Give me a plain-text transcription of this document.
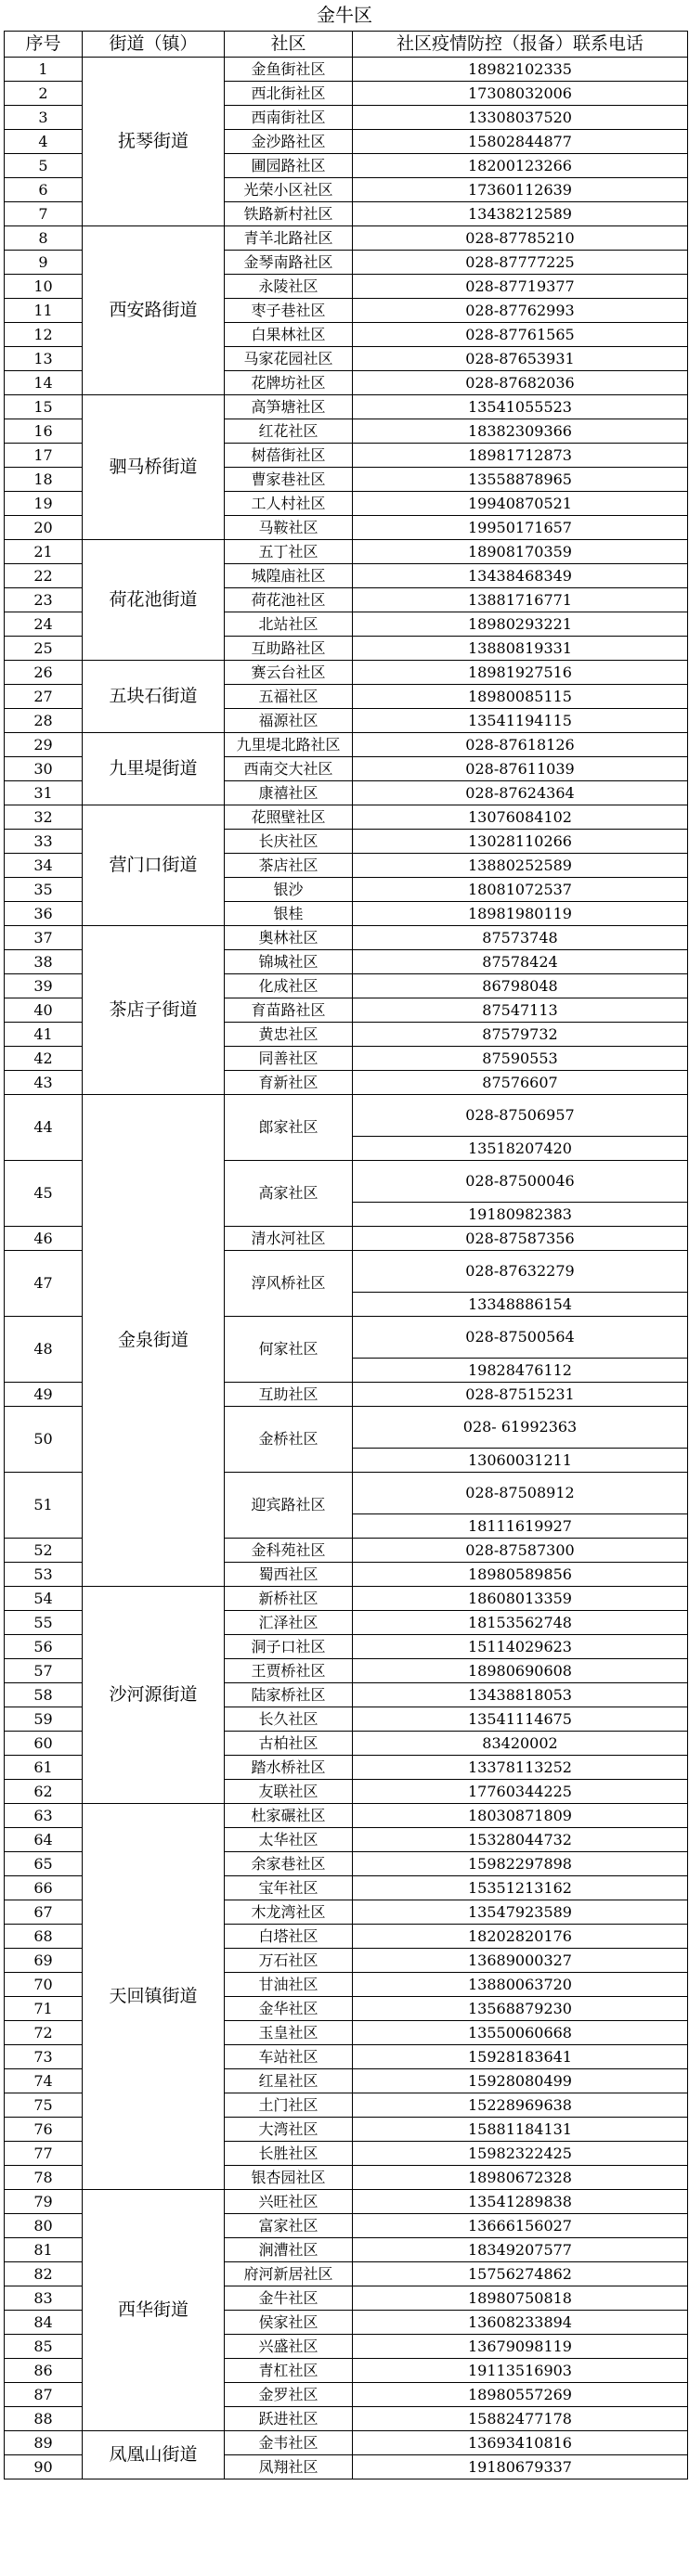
金牛区
序号	街道（镇）	社区	社区疫情防控（报备）联系电话
1	抚琴街道	金鱼街社区	18982102335
2		西北街社区	17308032006
3		西南街社区	13308037520
4		金沙路社区	15802844877
5		圃园路社区	18200123266
6		光荣小区社区	17360112639
7		铁路新村社区	13438212589
8	西安路街道	青羊北路社区	028-87785210
9		金琴南路社区	028-87777225
10		永陵社区	028-87719377
11		枣子巷社区	028-87762993
12		白果林社区	028-87761565
13		马家花园社区	028-87653931
14		花牌坊社区	028-87682036
15	驷马桥街道	高笋塘社区	13541055523
16		红花社区	18382309366
17		树蓓街社区	18981712873
18		曹家巷社区	13558878965
19		工人村社区	19940870521
20		马鞍社区	19950171657
21	荷花池街道	五丁社区	18908170359
22		城隍庙社区	13438468349
23		荷花池社区	13881716771
24		北站社区	18980293221
25		互助路社区	13880819331
26	五块石街道	赛云台社区	18981927516
27		五福社区	18980085115
28		福源社区	13541194115
29	九里堤街道	九里堤北路社区	028-87618126
30		西南交大社区	028-87611039
31		康禧社区	028-87624364
32	营门口街道	花照壁社区	13076084102
33		长庆社区	13028110266
34		茶店社区	13880252589
35		银沙	18081072537
36		银桂	18981980119
37	茶店子街道	奥林社区	87573748
38		锦城社区	87578424
39		化成社区	86798048
40		育苗路社区	87547113
41		黄忠社区	87579732
42		同善社区	87590553
43		育新社区	87576607
44	金泉街道	郎家社区	028-87506957
			13518207420
45		高家社区	028-87500046
			19180982383
46		清水河社区	028-87587356
47		淳风桥社区	028-87632279
			13348886154
48		何家社区	028-87500564
			19828476112
49		互助社区	028-87515231
50		金桥社区	028- 61992363
			13060031211
51		迎宾路社区	028-87508912
			18111619927
52		金科苑社区	028-87587300
53		蜀西社区	18980589856
54	沙河源街道	新桥社区	18608013359
55		汇泽社区	18153562748
56		洞子口社区	15114029623
57		王贾桥社区	18980690608
58		陆家桥社区	13438818053
59		长久社区	13541114675
60		古柏社区	83420002
61		踏水桥社区	13378113252
62		友联社区	17760344225
63	天回镇街道	杜家碾社区	18030871809
64		太华社区	15328044732
65		余家巷社区	15982297898
66		宝年社区	15351213162
67		木龙湾社区	13547923589
68		白塔社区	18202820176
69		万石社区	13689000327
70		甘油社区	13880063720
71		金华社区	13568879230
72		玉皇社区	13550060668
73		车站社区	15928183641
74		红星社区	15928080499
75		土门社区	15228969638
76		大湾社区	15881184131
77		长胜社区	15982322425
78		银杏园社区	18980672328
79	西华街道	兴旺社区	13541289838
80		富家社区	13666156027
81		涧漕社区	18349207577
82		府河新居社区	15756274862
83		金牛社区	18980750818
84		侯家社区	13608233894
85		兴盛社区	13679098119
86		青杠社区	19113516903
87		金罗社区	18980557269
88		跃进社区	15882477178
89	凤凰山街道	金韦社区	13693410816
90		凤翔社区	19180679337
